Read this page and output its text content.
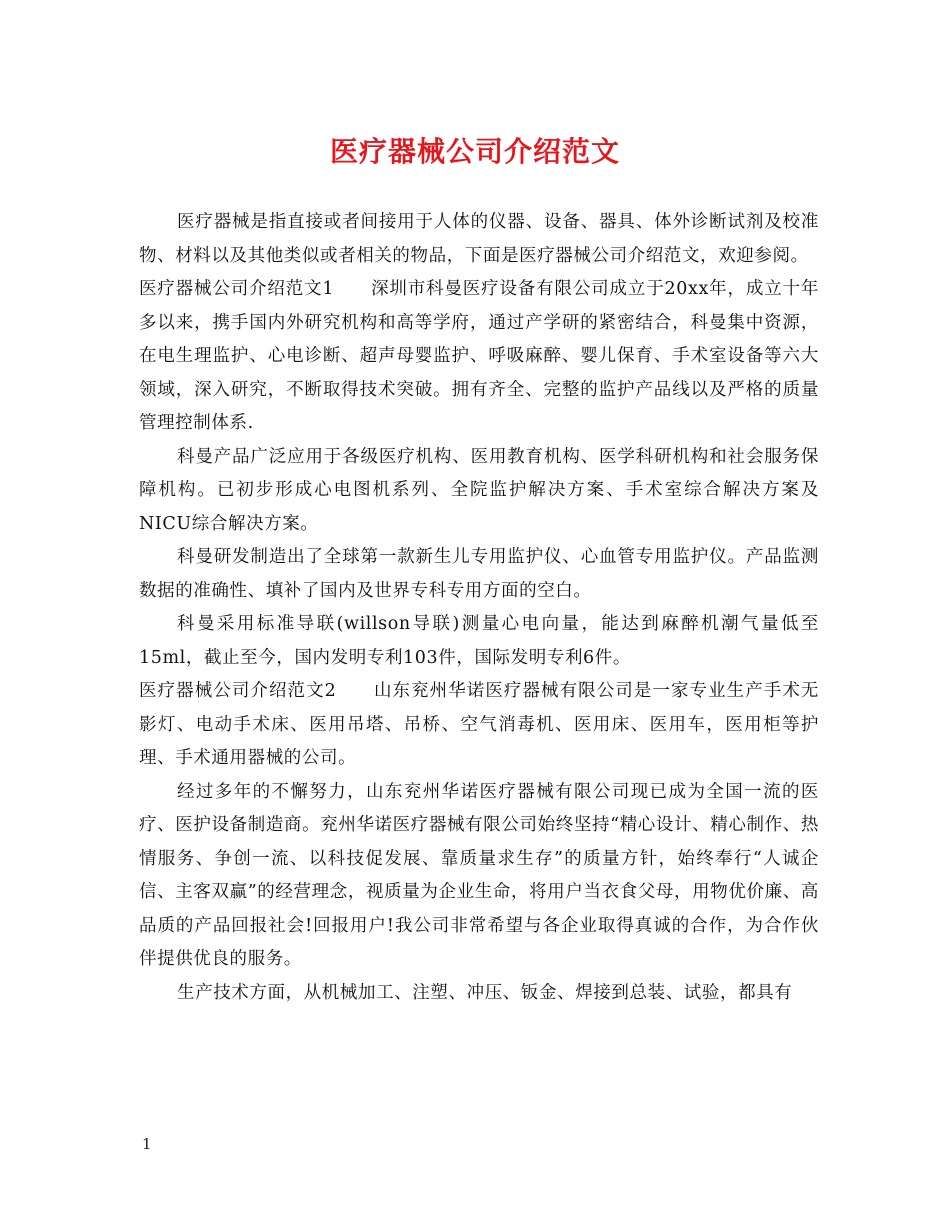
医疗器械公司介绍范文

医疗器械是指直接或者间接用于人体的仪器、设备、器具、体外诊断试剂及校准物、材料以及其他类似或者相关的物品，下面是医疗器械公司介绍范文，欢迎参阅。

医疗器械公司介绍范文1　　深圳市科曼医疗设备有限公司成立于20xx年，成立十年多以来，携手国内外研究机构和高等学府，通过产学研的紧密结合，科曼集中资源，在电生理监护、心电诊断、超声母婴监护、呼吸麻醉、婴儿保育、手术室设备等六大领域，深入研究，不断取得技术突破。拥有齐全、完整的监护产品线以及严格的质量管理控制体系.

科曼产品广泛应用于各级医疗机构、医用教育机构、医学科研机构和社会服务保障机构。已初步形成心电图机系列、全院监护解决方案、手术室综合解决方案及NICU综合解决方案。

科曼研发制造出了全球第一款新生儿专用监护仪、心血管专用监护仪。产品监测数据的准确性、填补了国内及世界专科专用方面的空白。

科曼采用标准导联(willson导联)测量心电向量，能达到麻醉机潮气量低至15ml，截止至今，国内发明专利103件，国际发明专利6件。

医疗器械公司介绍范文2　　山东兖州华诺医疗器械有限公司是一家专业生产手术无影灯、电动手术床、医用吊塔、吊桥、空气消毒机、医用床、医用车，医用柜等护理、手术通用器械的公司。

经过多年的不懈努力，山东兖州华诺医疗器械有限公司现已成为全国一流的医疗、医护设备制造商。兖州华诺医疗器械有限公司始终坚持“精心设计、精心制作、热情服务、争创一流、以科技促发展、靠质量求生存”的质量方针，始终奉行“人诚企信、主客双赢”的经营理念，视质量为企业生命，将用户当衣食父母，用物优价廉、高品质的产品回报社会!回报用户!我公司非常希望与各企业取得真诚的合作，为合作伙伴提供优良的服务。

生产技术方面，从机械加工、注塑、冲压、钣金、焊接到总装、试验，都具有

1
